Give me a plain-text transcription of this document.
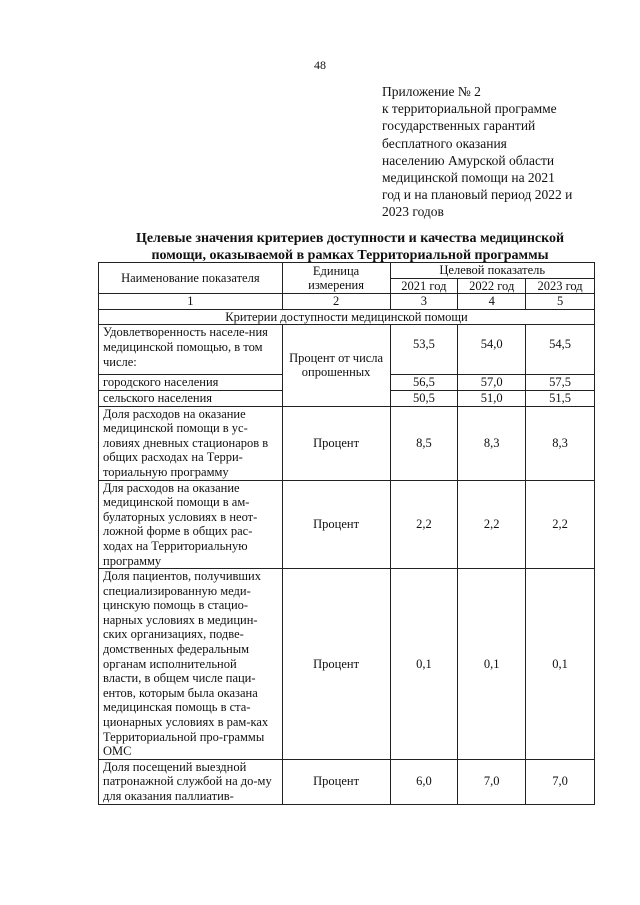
48
Приложение № 2
к территориальной программе
государственных гарантий
бесплатного оказания
населению Амурской области
медицинской помощи на 2021
год и на плановый период 2022 и
2023 годов
Целевые значения критериев доступности и качества медицинской
помощи, оказываемой в рамках Территориальной программы
Наименование показателя	Единица измерения	Целевой показатель		
		2021 год	2022 год	2023 год
1	2	3	4	5
Критерии доступности медицинской помощи				
Удовлетворенность населе-ния медицинской помощью, в том числе:	Процент от числа опрошенных	53,5	54,0	54,5
городского населения		56,5	57,0	57,5
сельского населения		50,5	51,0	51,5
Доля расходов на оказание медицинской помощи в ус-ловиях дневных стационаров в общих расходах на Терри-ториальную программу	Процент	8,5	8,3	8,3
Для расходов на оказание медицинской помощи в ам-булаторных условиях в неот-ложной форме в общих рас-ходах на Территориальную программу	Процент	2,2	2,2	2,2
Доля пациентов, получивших специализированную меди-цинскую помощь в стацио-нарных условиях в медицин-ских организациях, подве-домственных федеральным органам исполнительной власти, в общем числе паци-ентов, которым была оказана медицинская помощь в ста-ционарных условиях в рам-ках Территориальной про-граммы ОМС	Процент	0,1	0,1	0,1
Доля посещений выездной патронажной службой на до-му для оказания паллиатив-	Процент	6,0	7,0	7,0
